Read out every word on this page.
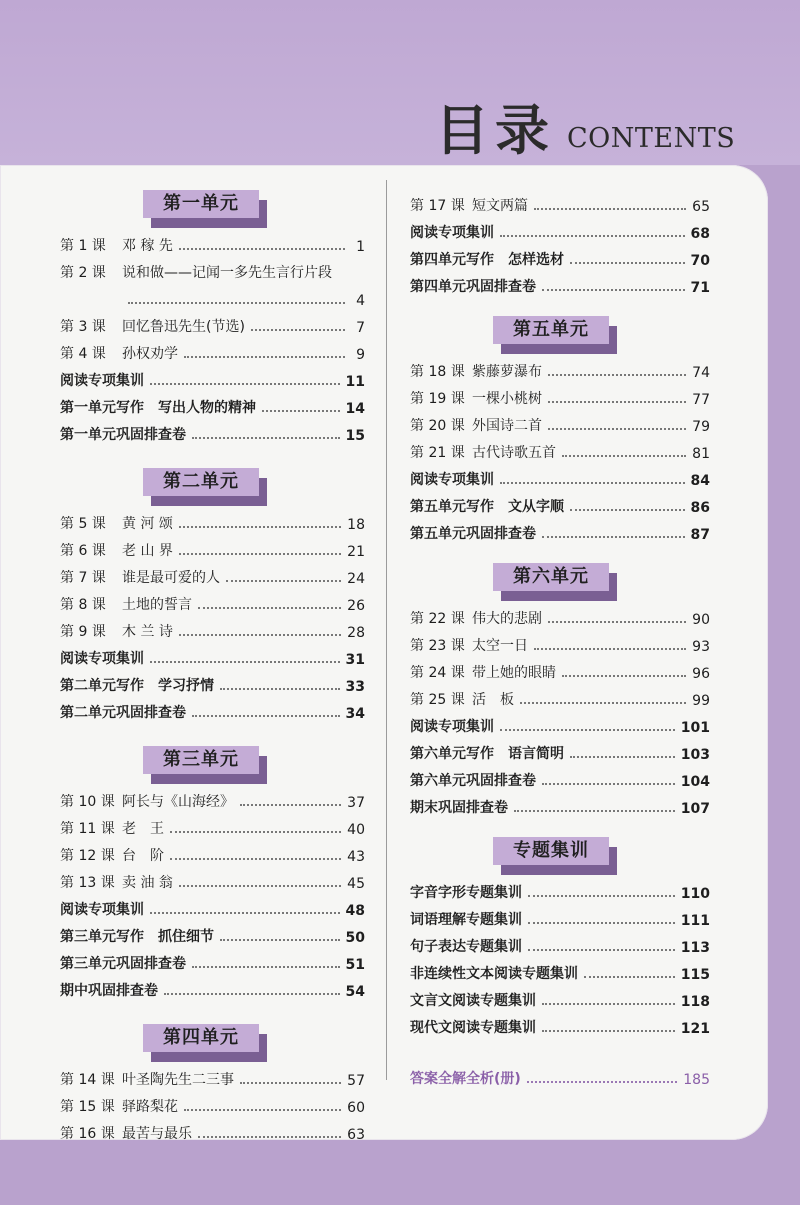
目录 CONTENTS
第一单元
第 1 课	邓 稼 先	1
第 2 课	说和做——记闻一多先生言行片段
4
第 3 课	回忆鲁迅先生(节选)	7
第 4 课	孙权劝学	9
阅读专项集训	11
第一单元写作　写出人物的精神	14
第一单元巩固排查卷	15
第二单元
第 5 课	黄 河 颂	18
第 6 课	老 山 界	21
第 7 课	谁是最可爱的人	24
第 8 课	土地的誓言	26
第 9 课	木 兰 诗	28
阅读专项集训	31
第二单元写作　学习抒情	33
第二单元巩固排查卷	34
第三单元
第 10 课 阿长与《山海经》	37
第 11 课 老　王	40
第 12 课 台　阶	43
第 13 课 卖 油 翁	45
阅读专项集训	48
第三单元写作　抓住细节	50
第三单元巩固排查卷	51
期中巩固排查卷	54
第四单元
第 14 课 叶圣陶先生二三事	57
第 15 课 驿路梨花	60
第 16 课 最苦与最乐	63
第 17 课 短文两篇	65
阅读专项集训	68
第四单元写作　怎样选材	70
第四单元巩固排查卷	71
第五单元
第 18 课 紫藤萝瀑布	74
第 19 课 一棵小桃树	77
第 20 课 外国诗二首	79
第 21 课 古代诗歌五首	81
阅读专项集训	84
第五单元写作　文从字顺	86
第五单元巩固排查卷	87
第六单元
第 22 课 伟大的悲剧	90
第 23 课 太空一日	93
第 24 课 带上她的眼睛	96
第 25 课 活　板	99
阅读专项集训	101
第六单元写作　语言简明	103
第六单元巩固排查卷	104
期末巩固排查卷	107
专题集训
字音字形专题集训	110
词语理解专题集训	111
句子表达专题集训	113
非连续性文本阅读专题集训	115
文言文阅读专题集训	118
现代文阅读专题集训	121
答案全解全析(册)	185
